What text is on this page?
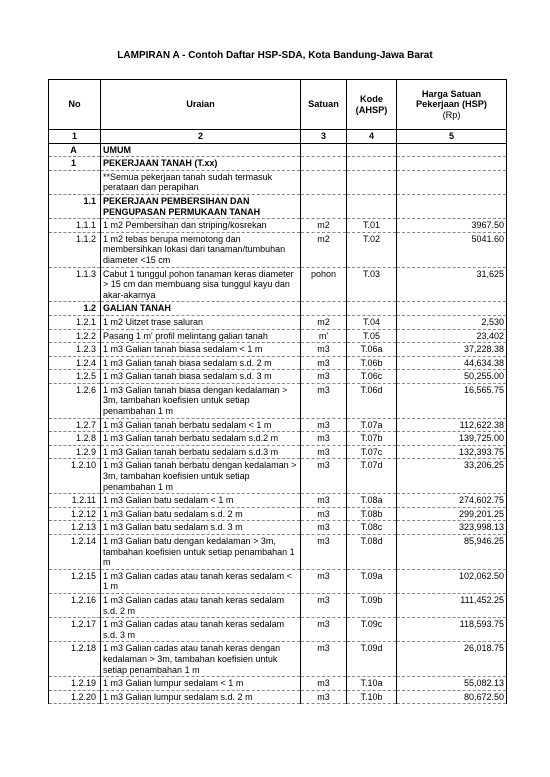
LAMPIRAN A - Contoh Daftar HSP-SDA, Kota Bandung-Jawa Barat
No	Uraian	Satuan	Kode (AHSP)	Harga Satuan Pekerjaan (HSP)
(Rp)

1	2	3	4	5
A	UMUM			
1	PEKERJAAN TANAH (T.xx)			
	**Semua pekerjaan tanah sudah termasuk perataan dan perapihan			
1.1	PEKERJAAN PEMBERSIHAN DAN PENGUPASAN PERMUKAAN TANAH			
1.1.1	1 m2 Pembersihan dan striping/kosrekan	m2	T.01	3967.50
1.1.2	1 m2 tebas berupa memotong dan membersihkan lokasi dari tanaman/tumbuhan diameter <15 cm	m2	T.02	5041.60
1.1.3	Cabut 1 tunggul pohon tanaman keras diameter > 15 cm dan membuang sisa tunggul kayu dan akar-akarnya	pohon	T.03	31,625
1.2	GALIAN TANAH			
1.2.1	1 m2 Uitzet trase saluran	m2	T.04	2,530
1.2.2	Pasang 1 m' profil melintang galian tanah	m'	T.05	23,402
1.2.3	1 m3 Galian tanah biasa sedalam < 1 m	m3	T.06a	37,228.38
1.2.4	1 m3 Galian tanah biasa sedalam s.d. 2 m	m3	T.06b	44,634.38
1.2.5	1 m3 Galian tanah biasa sedalam s.d. 3 m	m3	T.06c	50,255.00
1.2.6	1 m3 Galian tanah biasa dengan kedalaman > 3m, tambahan koefisien untuk setiap penambahan 1 m	m3	T.06d	16,565.75
1.2.7	1 m3 Galian tanah berbatu sedalam < 1 m	m3	T.07a	112,622.38
1.2.8	1 m3 Galian tanah berbatu sedalam s.d.2 m	m3	T.07b	139,725.00
1.2.9	1 m3 Galian tanah berbatu sedalam s.d.3 m	m3	T.07c	132,393.75
1.2.10	1 m3 Galian tanah berbatu dengan kedalaman > 3m, tambahan koefisien untuk setiap penambahan 1 m	m3	T.07d	33,206.25
1.2.11	1 m3 Galian batu sedalam < 1 m	m3	T.08a	274,602.75
1.2.12	1 m3 Galian batu sedalam s.d. 2 m	m3	T.08b	299,201.25
1.2.13	1 m3 Galian batu sedalam s.d. 3 m	m3	T.08c	323,998.13
1.2.14	1 m3 Galian batu dengan kedalaman > 3m, tambahan koefisien untuk setiap penambahan 1 m	m3	T.08d	85,946.25
1.2.15	1 m3 Galian cadas atau tanah keras sedalam < 1 m	m3	T.09a	102,062.50
1.2.16	1 m3 Galian cadas atau tanah keras sedalam s.d. 2 m	m3	T.09b	111,452.25
1.2.17	1 m3 Galian cadas atau tanah keras sedalam s.d. 3 m	m3	T.09c	118,593.75
1.2.18	1 m3 Galian cadas atau tanah keras dengan kedalaman > 3m, tambahan koefisien untuk setiap penambahan 1 m	m3	T.09d	26,018.75
1.2.19	1 m3 Galian lumpur sedalam < 1 m	m3	T.10a	55,082.13
1.2.20	1 m3 Galian lumpur sedalam s.d. 2 m	m3	T.10b	80,672.50
